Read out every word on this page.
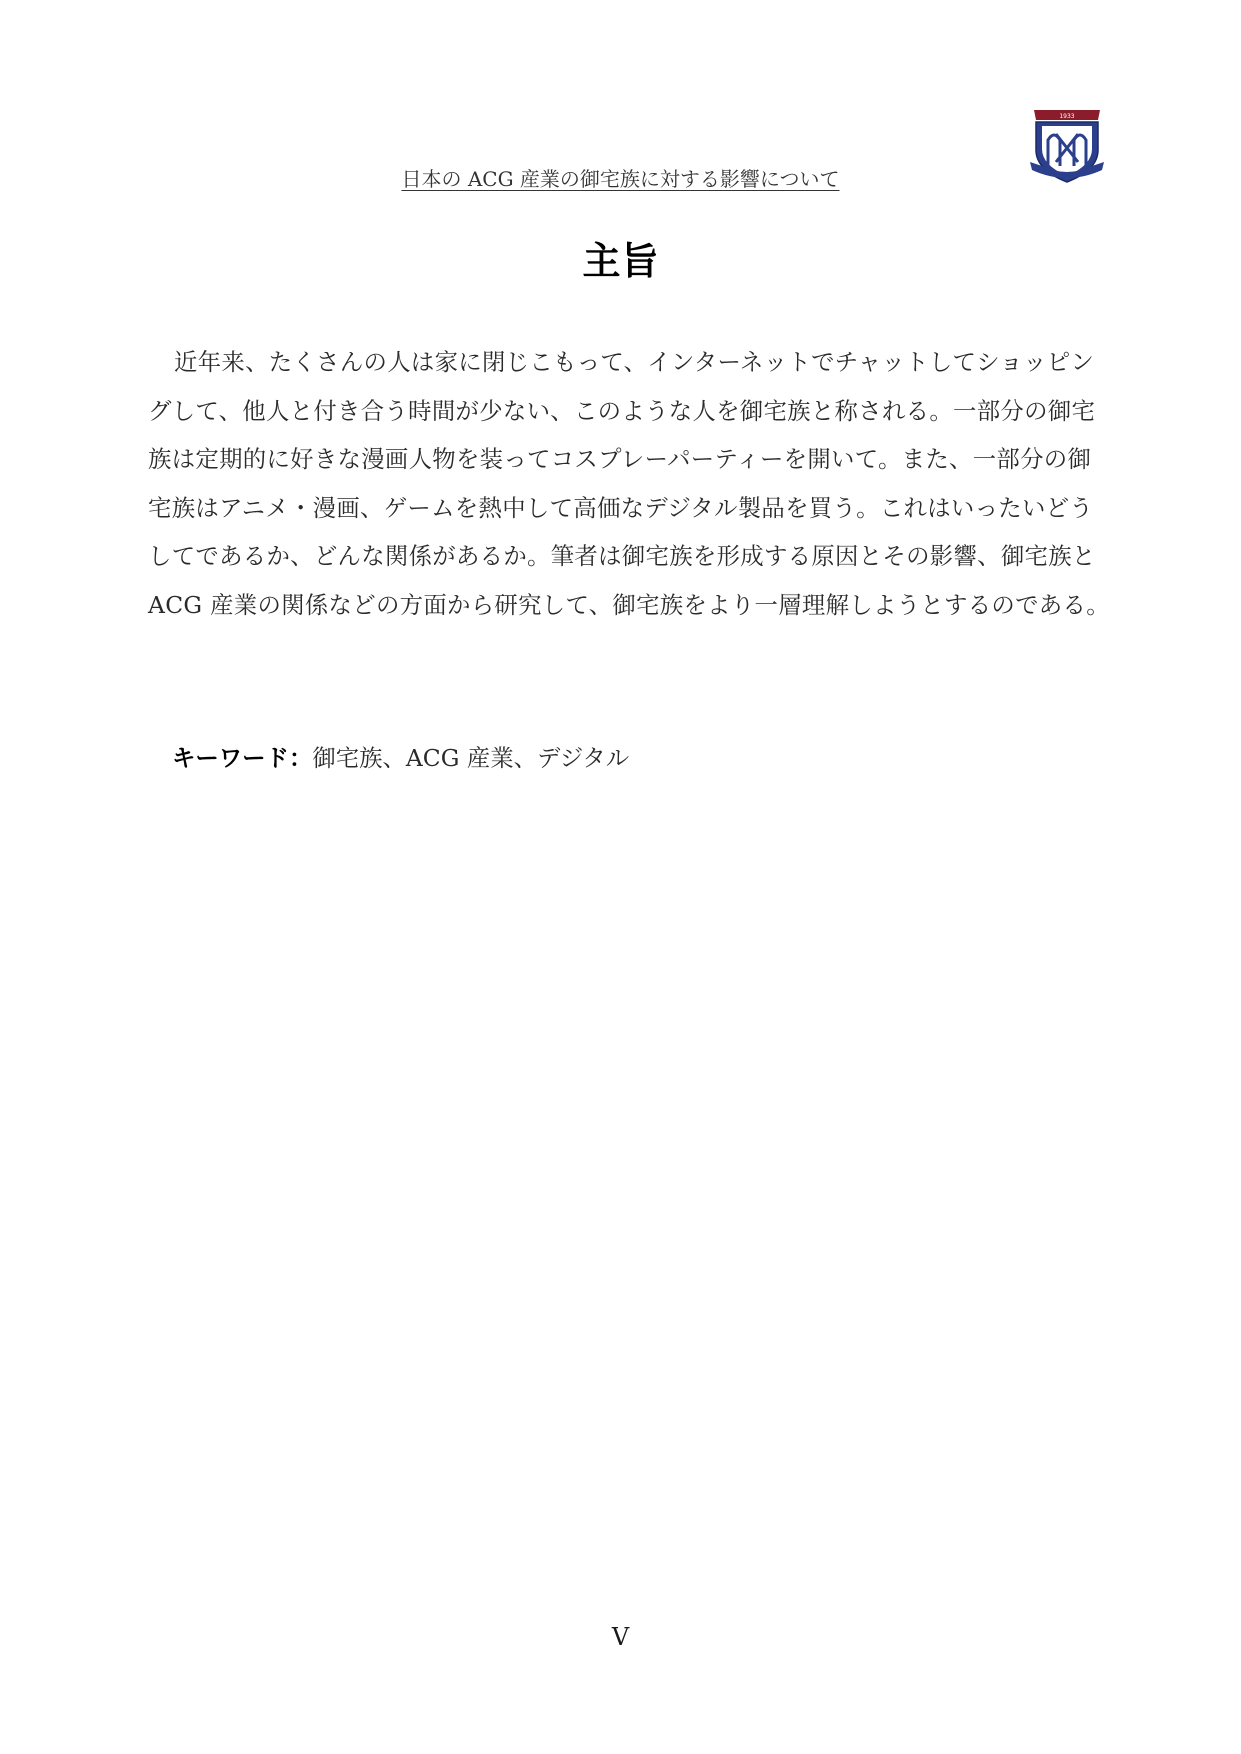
日本の ACG 産業の御宅族に対する影響について
1933
主旨

近年来、たくさんの人は家に閉じこもって、インターネットでチャットしてショッピングして、他人と付き合う時間が少ない、このような人を御宅族と称される。一部分の御宅族は定期的に好きな漫画人物を装ってコスプレーパーティーを開いて。また、一部分の御宅族はアニメ・漫画、ゲームを熱中して高価なデジタル製品を買う。これはいったいどうしてであるか、どんな関係があるか。筆者は御宅族を形成する原因とその影響、御宅族と ACG 産業の関係などの方面から研究して、御宅族をより一層理解しようとするのである。

キーワード：御宅族、ACG 産業、デジタル
V
